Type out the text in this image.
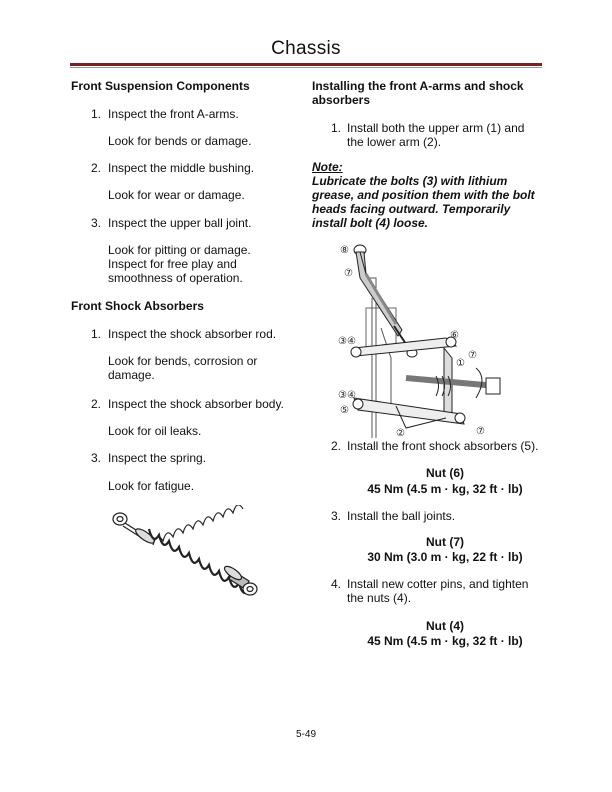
Chassis
Front Suspension Components
1. Inspect the front A-arms.
Look for bends or damage.
2. Inspect the middle bushing.
Look for wear or damage.
3. Inspect the upper ball joint.
Look for pitting or damage. Inspect for free play and smoothness of operation.
Front Shock Absorbers
1. Inspect the shock absorber rod.
Look for bends, corrosion or damage.
2. Inspect the shock absorber body.
Look for oil leaks.
3. Inspect the spring.
Look for fatigue.
Installing the front A-arms and shock absorbers
1. Install both the upper arm (1) and the lower arm (2).
Note:
Lubricate the bolts (3) with lithium grease, and position them with the bolt heads facing outward. Temporarily install bolt (4) loose.
⑧
⑦
③④
⑥
⑦
①
③④
⑤
②	⑦
2. Install the front shock absorbers (5).
Nut (6)
45 Nm (4.5 m · kg, 32 ft · lb)
3. Install the ball joints.
Nut (7)
30 Nm (3.0 m · kg, 22 ft · lb)
4. Install new cotter pins, and tighten the nuts (4).
Nut (4)
45 Nm (4.5 m · kg, 32 ft · lb)
5-49
